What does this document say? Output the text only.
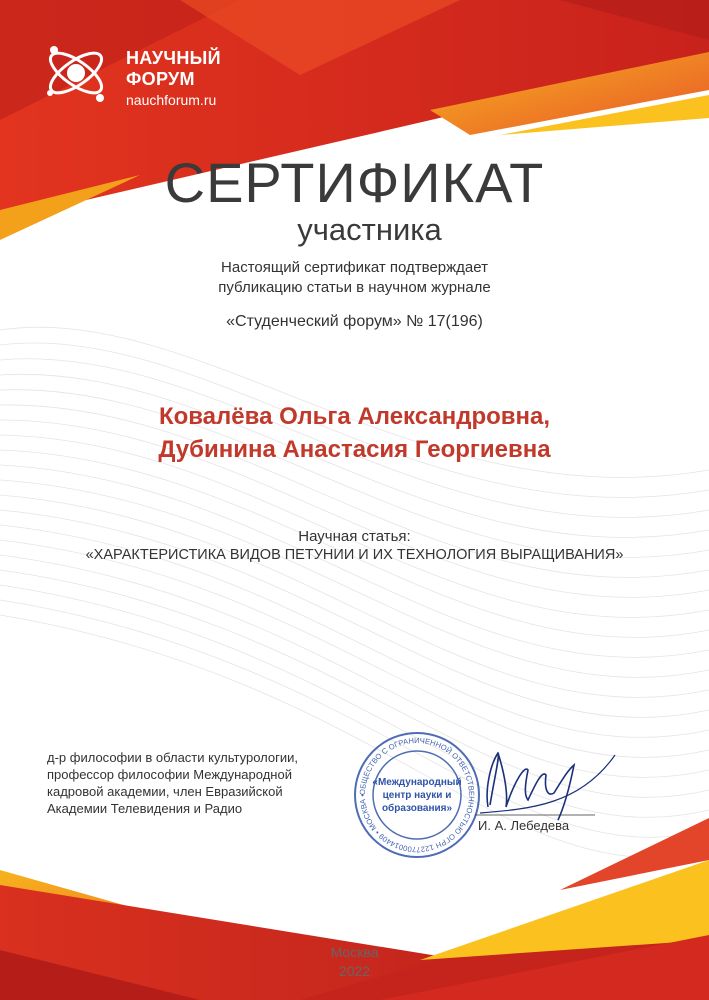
НАУЧНЫЙ
ФОРУМ
nauchforum.ru
СЕРТИФИКАТ
участника
Настоящий сертификат подтверждает
публикацию статьи в научном журнале
«Студенческий форум» № 17(196)
Ковалёва Ольга Александровна,
Дубинина Анастасия Георгиевна
Научная статья:
«ХАРАКТЕРИСТИКА ВИДОВ ПЕТУНИИ И ИХ ТЕХНОЛОГИЯ ВЫРАЩИВАНИЯ»
д-р философии в области культурологии,
профессор философии Международной
кадровой академии, член Евразийской
Академии Телевидения и Радио
ОБЩЕСТВО С ОГРАНИЧЕННОЙ ОТВЕТСТВЕННОСТЬЮ ОГРН 1227700014409 • МОСКВА •
«Международный
центр науки и
образования»
И. А. Лебедева
Москва
2022
